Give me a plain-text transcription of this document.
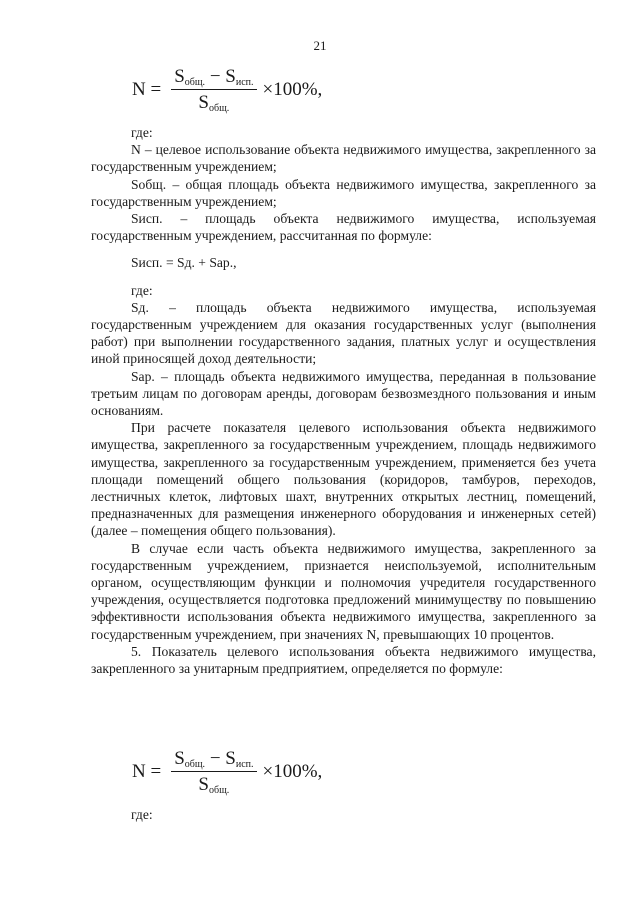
21
$N = \frac{S_{общ.} - S_{исп.}}{S_{общ.}} \times 100\%$,

где:

N – целевое использование объекта недвижимого имущества, закрепленного за государственным учреждением;

Sобщ. – общая площадь объекта недвижимого имущества, закрепленного за государственным учреждением;

Sисп. – площадь объекта недвижимого имущества, используемая государственным учреждением, рассчитанная по формуле:

Sисп. = Sд. + Sар.,

где:

Sд. – площадь объекта недвижимого имущества, используемая государственным учреждением для оказания государственных услуг (выполнения работ) при выполнении государственного задания, платных услуг и осуществления иной приносящей доход деятельности;

Sар. – площадь объекта недвижимого имущества, переданная в пользование третьим лицам по договорам аренды, договорам безвозмездного пользования и иным основаниям.

При расчете показателя целевого использования объекта недвижимого имущества, закрепленного за государственным учреждением, площадь недвижимого имущества, закрепленного за государственным учреждением, применяется без учета площади помещений общего пользования (коридоров, тамбуров, переходов, лестничных клеток, лифтовых шахт, внутренних открытых лестниц, помещений, предназначенных для размещения инженерного оборудования и инженерных сетей) (далее – помещения общего пользования).

В случае если часть объекта недвижимого имущества, закрепленного за государственным учреждением, признается неиспользуемой, исполнительным органом, осуществляющим функции и полномочия учредителя государственного учреждения, осуществляется подготовка предложений минимуществу по повышению эффективности использования объекта недвижимого имущества, закрепленного за государственным учреждением, при значениях N, превышающих 10 процентов.

5. Показатель целевого использования объекта недвижимого имущества, закрепленного за унитарным предприятием, определяется по формуле:

$N = \frac{S_{общ.} - S_{исп.}}{S_{общ.}} \times 100\%$,

где:
